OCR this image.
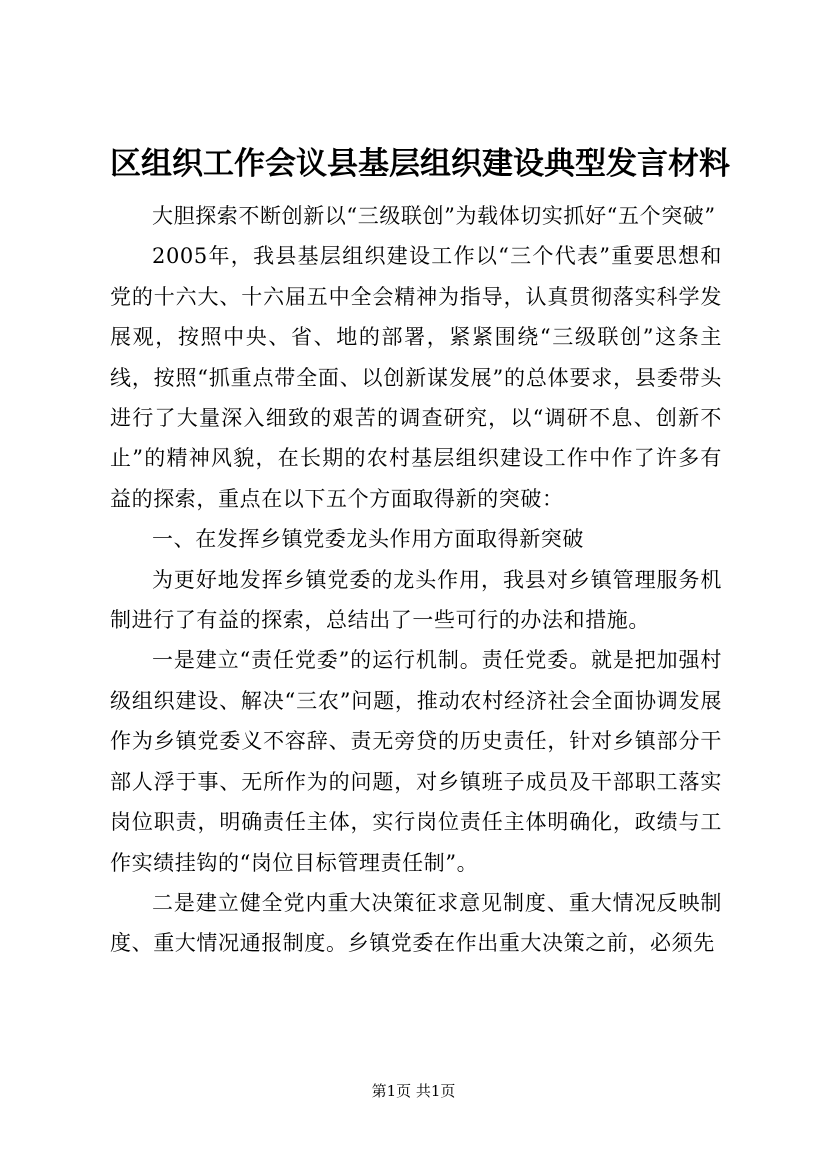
区组织工作会议县基层组织建设典型发言材料

大胆探索不断创新以“三级联创”为载体切实抓好“五个突破”

2005年，我县基层组织建设工作以“三个代表”重要思想和党的十六大、十六届五中全会精神为指导，认真贯彻落实科学发展观，按照中央、省、地的部署，紧紧围绕“三级联创”这条主线，按照“抓重点带全面、以创新谋发展”的总体要求，县委带头进行了大量深入细致的艰苦的调查研究，以“调研不息、创新不止”的精神风貌，在长期的农村基层组织建设工作中作了许多有益的探索，重点在以下五个方面取得新的突破：

一、在发挥乡镇党委龙头作用方面取得新突破

为更好地发挥乡镇党委的龙头作用，我县对乡镇管理服务机制进行了有益的探索，总结出了一些可行的办法和措施。

一是建立“责任党委”的运行机制。责任党委。就是把加强村级组织建设、解决“三农”问题，推动农村经济社会全面协调发展作为乡镇党委义不容辞、责无旁贷的历史责任，针对乡镇部分干部人浮于事、无所作为的问题，对乡镇班子成员及干部职工落实岗位职责，明确责任主体，实行岗位责任主体明确化，政绩与工作实绩挂钩的“岗位目标管理责任制”。

二是建立健全党内重大决策征求意见制度、重大情况反映制度、重大情况通报制度。乡镇党委在作出重大决策之前，必须先

第1页 共1页
